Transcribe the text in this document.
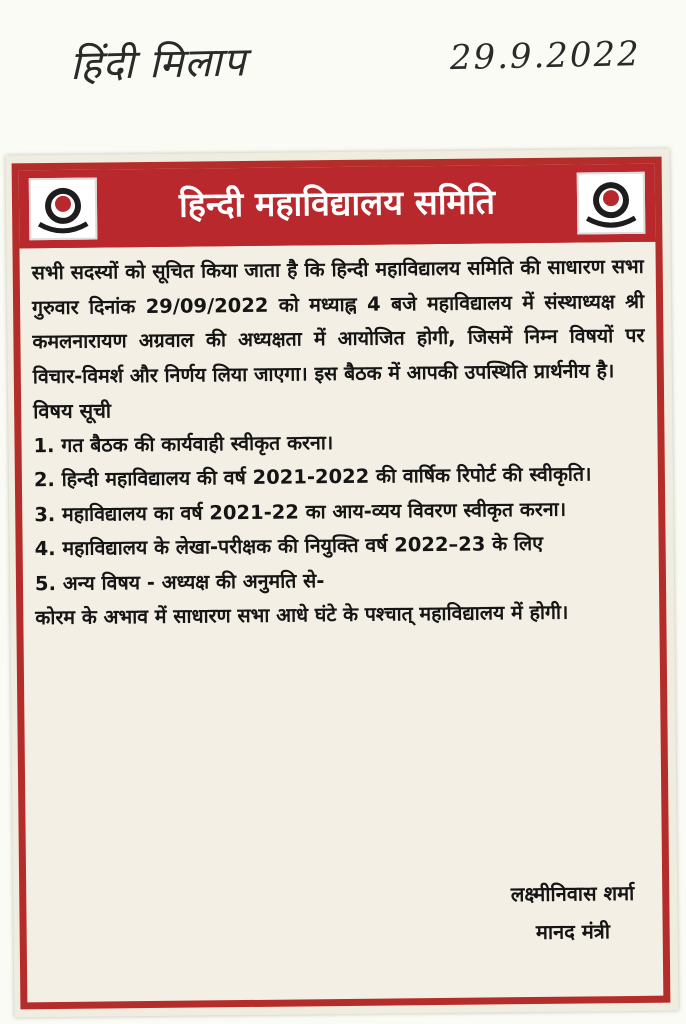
हिंदी मिलाप	29.9.2022
हिन्दी महाविद्यालय समिति

सभी सदस्यों को सूचित किया जाता है कि हिन्दी महाविद्यालय समिति की साधारण सभा गुरुवार दिनांक 29/09/2022 को मध्याह्न 4 बजे महाविद्यालय में संस्थाध्यक्ष श्री कमलनारायण अग्रवाल की अध्यक्षता में आयोजित होगी, जिसमें निम्न विषयों पर विचार-विमर्श और निर्णय लिया जाएगा। इस बैठक में आपकी उपस्थिति प्रार्थनीय है।

विषय सूची

1. गत बैठक की कार्यवाही स्वीकृत करना।

2. हिन्दी महाविद्यालय की वर्ष 2021-2022 की वार्षिक रिपोर्ट की स्वीकृति।

3. महाविद्यालय का वर्ष 2021-22 का आय-व्यय विवरण स्वीकृत करना।

4. महाविद्यालय के लेखा-परीक्षक की नियुक्ति वर्ष 2022–23 के लिए

5. अन्य विषय - अध्यक्ष की अनुमति से-

कोरम के अभाव में साधारण सभा आधे घंटे के पश्चात् महाविद्यालय में होगी।

लक्ष्मीनिवास शर्मा
मानद मंत्री
